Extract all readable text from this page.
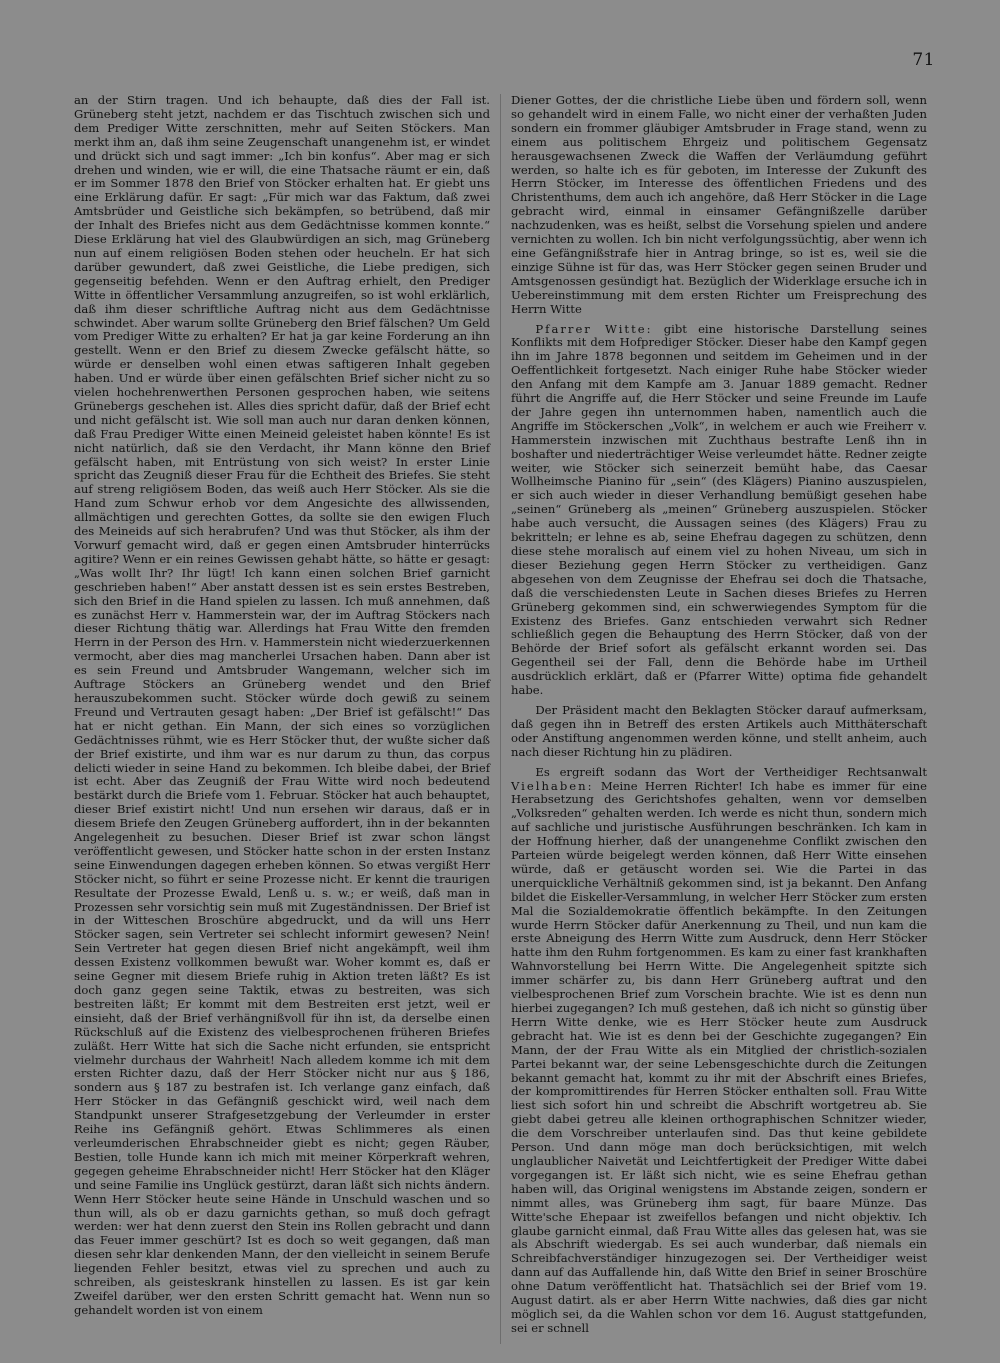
71

an der Stirn tragen. Und ich behaupte, daß dies der Fall ist. Grüneberg steht jetzt, nachdem er das Tischtuch zwischen sich und dem Prediger Witte zerschnitten, mehr auf Seiten Stöckers. Man merkt ihm an, daß ihm seine Zeugenschaft unangenehm ist, er windet und drückt sich und sagt immer: „Ich bin konfus“. Aber mag er sich drehen und winden, wie er will, die eine Thatsache räumt er ein, daß er im Sommer 1878 den Brief von Stöcker erhalten hat. Er giebt uns eine Erklärung dafür. Er sagt: „Für mich war das Faktum, daß zwei Amtsbrüder und Geistliche sich bekämpfen, so betrübend, daß mir der Inhalt des Briefes nicht aus dem Gedächtnisse kommen konnte.“ Diese Erklärung hat viel des Glaubwürdigen an sich, mag Grüneberg nun auf einem religiösen Boden stehen oder heucheln. Er hat sich darüber gewundert, daß zwei Geistliche, die Liebe predigen, sich gegenseitig befehden. Wenn er den Auftrag erhielt, den Prediger Witte in öffentlicher Versammlung anzugreifen, so ist wohl erklärlich, daß ihm dieser schriftliche Auftrag nicht aus dem Gedächtnisse schwindet. Aber warum sollte Grüneberg den Brief fälschen? Um Geld vom Prediger Witte zu erhalten? Er hat ja gar keine Forderung an ihn gestellt. Wenn er den Brief zu diesem Zwecke gefälscht hätte, so würde er denselben wohl einen etwas saftigeren Inhalt gegeben haben. Und er würde über einen gefälschten Brief sicher nicht zu so vielen hochehrenwerthen Personen gesprochen haben, wie seitens Grünebergs geschehen ist. Alles dies spricht dafür, daß der Brief echt und nicht gefälscht ist. Wie soll man auch nur daran denken können, daß Frau Prediger Witte einen Meineid geleistet haben könnte! Es ist nicht natürlich, daß sie den Verdacht, ihr Mann könne den Brief gefälscht haben, mit Entrüstung von sich weist? In erster Linie spricht das Zeugniß dieser Frau für die Echtheit des Briefes. Sie steht auf streng religiösem Boden, das weiß auch Herr Stöcker. Als sie die Hand zum Schwur erhob vor dem Angesichte des allwissenden, allmächtigen und gerechten Gottes, da sollte sie den ewigen Fluch des Meineids auf sich herabrufen? Und was thut Stöcker, als ihm der Vorwurf gemacht wird, daß er gegen einen Amtsbruder hinterrücks agitire? Wenn er ein reines Gewissen gehabt hätte, so hätte er gesagt: „Was wollt Ihr? Ihr lügt! Ich kann einen solchen Brief garnicht geschrieben haben!“ Aber anstatt dessen ist es sein erstes Bestreben, sich den Brief in die Hand spielen zu lassen. Ich muß annehmen, daß es zunächst Herr v. Hammerstein war, der im Auftrag Stöckers nach dieser Richtung thätig war. Allerdings hat Frau Witte den fremden Herrn in der Person des Hrn. v. Hammerstein nicht wiederzuerkennen vermocht, aber dies mag mancherlei Ursachen haben. Dann aber ist es sein Freund und Amtsbruder Wangemann, welcher sich im Auftrage Stöckers an Grüneberg wendet und den Brief herauszubekommen sucht. Stöcker würde doch gewiß zu seinem Freund und Vertrauten gesagt haben: „Der Brief ist gefälscht!“ Das hat er nicht gethan. Ein Mann, der sich eines so vorzüglichen Gedächtnisses rühmt, wie es Herr Stöcker thut, der wußte sicher daß der Brief existirte, und ihm war es nur darum zu thun, das corpus delicti wieder in seine Hand zu bekommen. Ich bleibe dabei, der Brief ist echt. Aber das Zeugniß der Frau Witte wird noch bedeutend bestärkt durch die Briefe vom 1. Februar. Stöcker hat auch behauptet, dieser Brief existirt nicht! Und nun ersehen wir daraus, daß er in diesem Briefe den Zeugen Grüneberg auffordert, ihn in der bekannten Angelegenheit zu besuchen. Dieser Brief ist zwar schon längst veröffentlicht gewesen, und Stöcker hatte schon in der ersten Instanz seine Einwendungen dagegen erheben können. So etwas vergißt Herr Stöcker nicht, so führt er seine Prozesse nicht. Er kennt die traurigen Resultate der Prozesse Ewald, Lenß u. s. w.; er weiß, daß man in Prozessen sehr vorsichtig sein muß mit Zugeständnissen. Der Brief ist in der Witteschen Broschüre abgedruckt, und da will uns Herr Stöcker sagen, sein Vertreter sei schlecht informirt gewesen? Nein! Sein Vertreter hat gegen diesen Brief nicht angekämpft, weil ihm dessen Existenz vollkommen bewußt war. Woher kommt es, daß er seine Gegner mit diesem Briefe ruhig in Aktion treten läßt? Es ist doch ganz gegen seine Taktik, etwas zu bestreiten, was sich bestreiten läßt; Er kommt mit dem Bestreiten erst jetzt, weil er einsieht, daß der Brief verhängnißvoll für ihn ist, da derselbe einen Rückschluß auf die Existenz des vielbesprochenen früheren Briefes zuläßt. Herr Witte hat sich die Sache nicht erfunden, sie entspricht vielmehr durchaus der Wahrheit! Nach alledem komme ich mit dem ersten Richter dazu, daß der Herr Stöcker nicht nur aus § 186, sondern aus § 187 zu bestrafen ist. Ich verlange ganz einfach, daß Herr Stöcker in das Gefängniß geschickt wird, weil nach dem Standpunkt unserer Strafgesetzgebung der Verleumder in erster Reihe ins Gefängniß gehört. Etwas Schlimmeres als einen verleumderischen Ehrabschneider giebt es nicht; gegen Räuber, Bestien, tolle Hunde kann ich mich mit meiner Körperkraft wehren, gegegen geheime Ehrabschneider nicht! Herr Stöcker hat den Kläger und seine Familie ins Unglück gestürzt, daran läßt sich nichts ändern. Wenn Herr Stöcker heute seine Hände in Unschuld waschen und so thun will, als ob er dazu garnichts gethan, so muß doch gefragt werden: wer hat denn zuerst den Stein ins Rollen gebracht und dann das Feuer immer geschürt? Ist es doch so weit gegangen, daß man diesen sehr klar denkenden Mann, der den vielleicht in seinem Berufe liegenden Fehler besitzt, etwas viel zu sprechen und auch zu schreiben, als geisteskrank hinstellen zu lassen. Es ist gar kein Zweifel darüber, wer den ersten Schritt gemacht hat. Wenn nun so gehandelt worden ist von einem

Diener Gottes, der die christliche Liebe üben und fördern soll, wenn so gehandelt wird in einem Falle, wo nicht einer der verhaßten Juden sondern ein frommer gläubiger Amtsbruder in Frage stand, wenn zu einem aus politischem Ehrgeiz und politischem Gegensatz herausgewachsenen Zweck die Waffen der Verläumdung geführt werden, so halte ich es für geboten, im Interesse der Zukunft des Herrn Stöcker, im Interesse des öffentlichen Friedens und des Christenthums, dem auch ich angehöre, daß Herr Stöcker in die Lage gebracht wird, einmal in einsamer Gefängnißzelle darüber nachzudenken, was es heißt, selbst die Vorsehung spielen und andere vernichten zu wollen. Ich bin nicht verfolgungssüchtig, aber wenn ich eine Gefängnißstrafe hier in Antrag bringe, so ist es, weil sie die einzige Sühne ist für das, was Herr Stöcker gegen seinen Bruder und Amtsgenossen gesündigt hat. Bezüglich der Widerklage ersuche ich in Uebereinstimmung mit dem ersten Richter um Freisprechung des Herrn Witte

Pfarrer Witte: gibt eine historische Darstellung seines Konflikts mit dem Hofprediger Stöcker. Dieser habe den Kampf gegen ihn im Jahre 1878 begonnen und seitdem im Geheimen und in der Oeffentlichkeit fortgesetzt. Nach einiger Ruhe habe Stöcker wieder den Anfang mit dem Kampfe am 3. Januar 1889 gemacht. Redner führt die Angriffe auf, die Herr Stöcker und seine Freunde im Laufe der Jahre gegen ihn unternommen haben, namentlich auch die Angriffe im Stöckerschen „Volk“, in welchem er auch wie Freiherr v. Hammerstein inzwischen mit Zuchthaus bestrafte Lenß ihn in boshafter und niederträchtiger Weise verleumdet hätte. Redner zeigte weiter, wie Stöcker sich seinerzeit bemüht habe, das Caesar Wollheimsche Pianino für „sein“ (des Klägers) Pianino auszuspielen, er sich auch wieder in dieser Verhandlung bemüßigt gesehen habe „seinen“ Grüneberg als „meinen“ Grüneberg auszuspielen. Stöcker habe auch versucht, die Aussagen seines (des Klägers) Frau zu bekritteln; er lehne es ab, seine Ehefrau dagegen zu schützen, denn diese stehe moralisch auf einem viel zu hohen Niveau, um sich in dieser Beziehung gegen Herrn Stöcker zu vertheidigen. Ganz abgesehen von dem Zeugnisse der Ehefrau sei doch die Thatsache, daß die verschiedensten Leute in Sachen dieses Briefes zu Herren Grüneberg gekommen sind, ein schwerwiegendes Symptom für die Existenz des Briefes. Ganz entschieden verwahrt sich Redner schließlich gegen die Behauptung des Herrn Stöcker, daß von der Behörde der Brief sofort als gefälscht erkannt worden sei. Das Gegentheil sei der Fall, denn die Behörde habe im Urtheil ausdrücklich erklärt, daß er (Pfarrer Witte) optima fide gehandelt habe.

Der Präsident macht den Beklagten Stöcker darauf aufmerksam, daß gegen ihn in Betreff des ersten Artikels auch Mitthäterschaft oder Anstiftung angenommen werden könne, und stellt anheim, auch nach dieser Richtung hin zu plädiren.

Es ergreift sodann das Wort der Vertheidiger Rechtsanwalt Vielhaben: Meine Herren Richter! Ich habe es immer für eine Herabsetzung des Gerichtshofes gehalten, wenn vor demselben „Volksreden“ gehalten werden. Ich werde es nicht thun, sondern mich auf sachliche und juristische Ausführungen beschränken. Ich kam in der Hoffnung hierher, daß der unangenehme Conflikt zwischen den Parteien würde beigelegt werden können, daß Herr Witte einsehen würde, daß er getäuscht worden sei. Wie die Partei in das unerquickliche Verhältniß gekommen sind, ist ja bekannt. Den Anfang bildet die Eiskeller-Versammlung, in welcher Herr Stöcker zum ersten Mal die Sozialdemokratie öffentlich bekämpfte. In den Zeitungen wurde Herrn Stöcker dafür Anerkennung zu Theil, und nun kam die erste Abneigung des Herrn Witte zum Ausdruck, denn Herr Stöcker hatte ihm den Ruhm fortgenommen. Es kam zu einer fast krankhaften Wahnvorstellung bei Herrn Witte. Die Angelegenheit spitzte sich immer schärfer zu, bis dann Herr Grüneberg auftrat und den vielbesprochenen Brief zum Vorschein brachte. Wie ist es denn nun hierbei zugegangen? Ich muß gestehen, daß ich nicht so günstig über Herrn Witte denke, wie es Herr Stöcker heute zum Ausdruck gebracht hat. Wie ist es denn bei der Geschichte zugegangen? Ein Mann, der der Frau Witte als ein Mitglied der christlich-sozialen Partei bekannt war, der seine Lebensgeschichte durch die Zeitungen bekannt gemacht hat, kommt zu ihr mit der Abschrift eines Briefes, der kompromittirendes für Herren Stöcker enthalten soll. Frau Witte liest sich sofort hin und schreibt die Abschrift wortgetreu ab. Sie giebt dabei getreu alle kleinen orthographischen Schnitzer wieder, die dem Vorschreiber unterlaufen sind. Das thut keine gebildete Person. Und dann möge man doch berücksichtigen, mit welch unglaublicher Naivetät und Leichtfertigkeit der Prediger Witte dabei vorgegangen ist. Er läßt sich nicht, wie es seine Ehefrau gethan haben will, das Original wenigstens im Abstande zeigen, sondern er nimmt alles, was Grüneberg ihm sagt, für baare Münze. Das Witte'sche Ehepaar ist zweifellos befangen und nicht objektiv. Ich glaube garnicht einmal, daß Frau Witte alles das gelesen hat, was sie als Abschrift wiedergab. Es sei auch wunderbar, daß niemals ein Schreibfachverständiger hinzugezogen sei. Der Vertheidiger weist dann auf das Auffallende hin, daß Witte den Brief in seiner Broschüre ohne Datum veröffentlicht hat. Thatsächlich sei der Brief vom 19. August datirt. als er aber Herrn Witte nachwies, daß dies gar nicht möglich sei, da die Wahlen schon vor dem 16. August stattgefunden, sei er schnell
